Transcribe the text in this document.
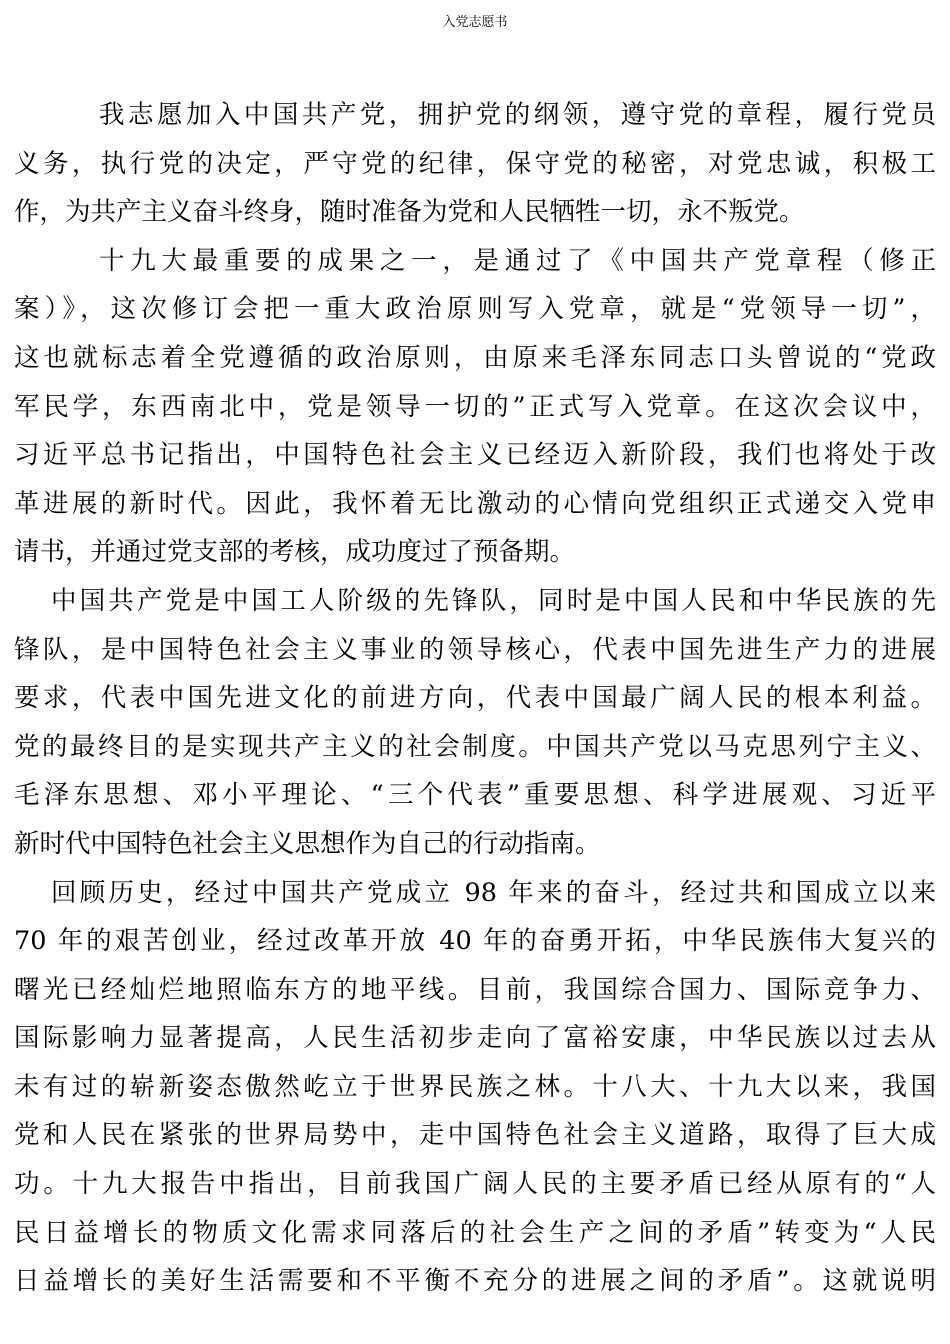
入党志愿书
我志愿加入中国共产党，拥护党的纲领，遵守党的章程，履行党员
义务，执行党的决定，严守党的纪律，保守党的秘密，对党忠诚，积极工
作，为共产主义奋斗终身，随时准备为党和人民牺牲一切，永不叛党。
十九大最重要的成果之一，是通过了《中国共产党章程（修正
案）》，这次修订会把一重大政治原则写入党章，就是“党领导一切”，
这也就标志着全党遵循的政治原则，由原来毛泽东同志口头曾说的“党政
军民学，东西南北中，党是领导一切的”正式写入党章。在这次会议中，
习近平总书记指出，中国特色社会主义已经迈入新阶段，我们也将处于改
革进展的新时代。因此，我怀着无比激动的心情向党组织正式递交入党申
请书，并通过党支部的考核，成功度过了预备期。
中国共产党是中国工人阶级的先锋队，同时是中国人民和中华民族的先
锋队，是中国特色社会主义事业的领导核心，代表中国先进生产力的进展
要求，代表中国先进文化的前进方向，代表中国最广阔人民的根本利益。
党的最终目的是实现共产主义的社会制度。中国共产党以马克思列宁主义、
毛泽东思想、邓小平理论、“三个代表”重要思想、科学进展观、习近平
新时代中国特色社会主义思想作为自己的行动指南。
回顾历史，经过中国共产党成立 98 年来的奋斗，经过共和国成立以来
70 年的艰苦创业，经过改革开放 40 年的奋勇开拓，中华民族伟大复兴的
曙光已经灿烂地照临东方的地平线。目前，我国综合国力、国际竞争力、
国际影响力显著提高，人民生活初步走向了富裕安康，中华民族以过去从
未有过的崭新姿态傲然屹立于世界民族之林。十八大、十九大以来，我国
党和人民在紧张的世界局势中，走中国特色社会主义道路，取得了巨大成
功。十九大报告中指出，目前我国广阔人民的主要矛盾已经从原有的“人
民日益增长的物质文化需求同落后的社会生产之间的矛盾”转变为“人民
日益增长的美好生活需要和不平衡不充分的进展之间的矛盾”。这就说明
